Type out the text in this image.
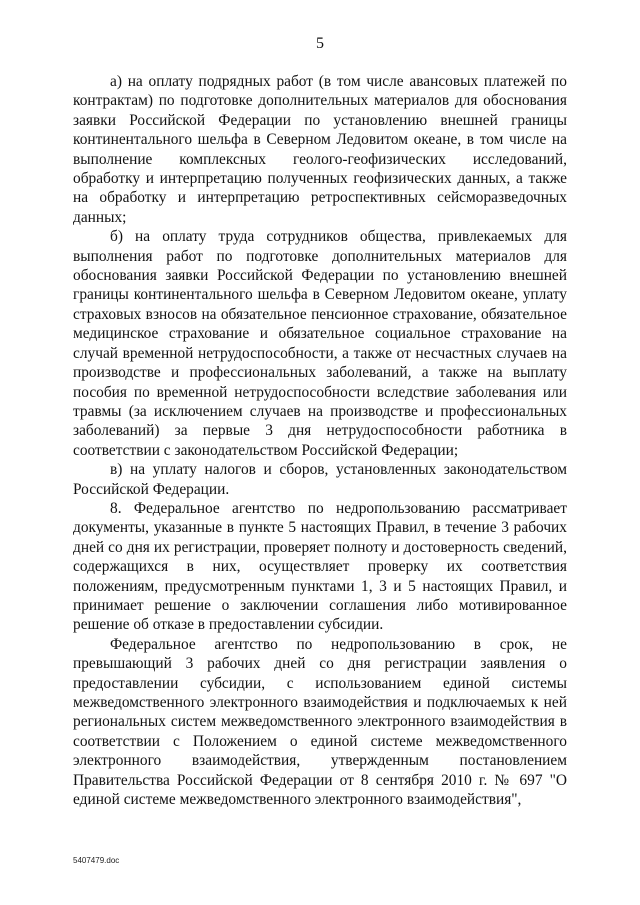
5

а) на оплату подрядных работ (в том числе авансовых платежей по контрактам) по подготовке дополнительных материалов для обоснования заявки Российской Федерации по установлению внешней границы континентального шельфа в Северном Ледовитом океане, в том числе на выполнение комплексных геолого-геофизических исследований, обработку и интерпретацию полученных геофизических данных, а также на обработку и интерпретацию ретроспективных сейсморазведочных данных;

б) на оплату труда сотрудников общества, привлекаемых для выполнения работ по подготовке дополнительных материалов для обоснования заявки Российской Федерации по установлению внешней границы континентального шельфа в Северном Ледовитом океане, уплату страховых взносов на обязательное пенсионное страхование, обязательное медицинское страхование и обязательное социальное страхование на случай временной нетрудоспособности, а также от несчастных случаев на производстве и профессиональных заболеваний, а также на выплату пособия по временной нетрудоспособности вследствие заболевания или травмы (за исключением случаев на производстве и профессиональных заболеваний) за первые 3 дня нетрудоспособности работника в соответствии с законодательством Российской Федерации;

в) на уплату налогов и сборов, установленных законодательством Российской Федерации.

8. Федеральное агентство по недропользованию рассматривает документы, указанные в пункте 5 настоящих Правил, в течение 3 рабочих дней со дня их регистрации, проверяет полноту и достоверность сведений, содержащихся в них, осуществляет проверку их соответствия положениям, предусмотренным пунктами 1, 3 и 5 настоящих Правил, и принимает решение о заключении соглашения либо мотивированное решение об отказе в предоставлении субсидии.

Федеральное агентство по недропользованию в срок, не превышающий 3 рабочих дней со дня регистрации заявления о предоставлении субсидии, с использованием единой системы межведомственного электронного взаимодействия и подключаемых к ней региональных систем межведомственного электронного взаимодействия в соответствии с Положением о единой системе межведомственного электронного взаимодействия, утвержденным постановлением Правительства Российской Федерации от 8 сентября 2010 г. № 697 "О единой системе межведомственного электронного взаимодействия",

5407479.doc
